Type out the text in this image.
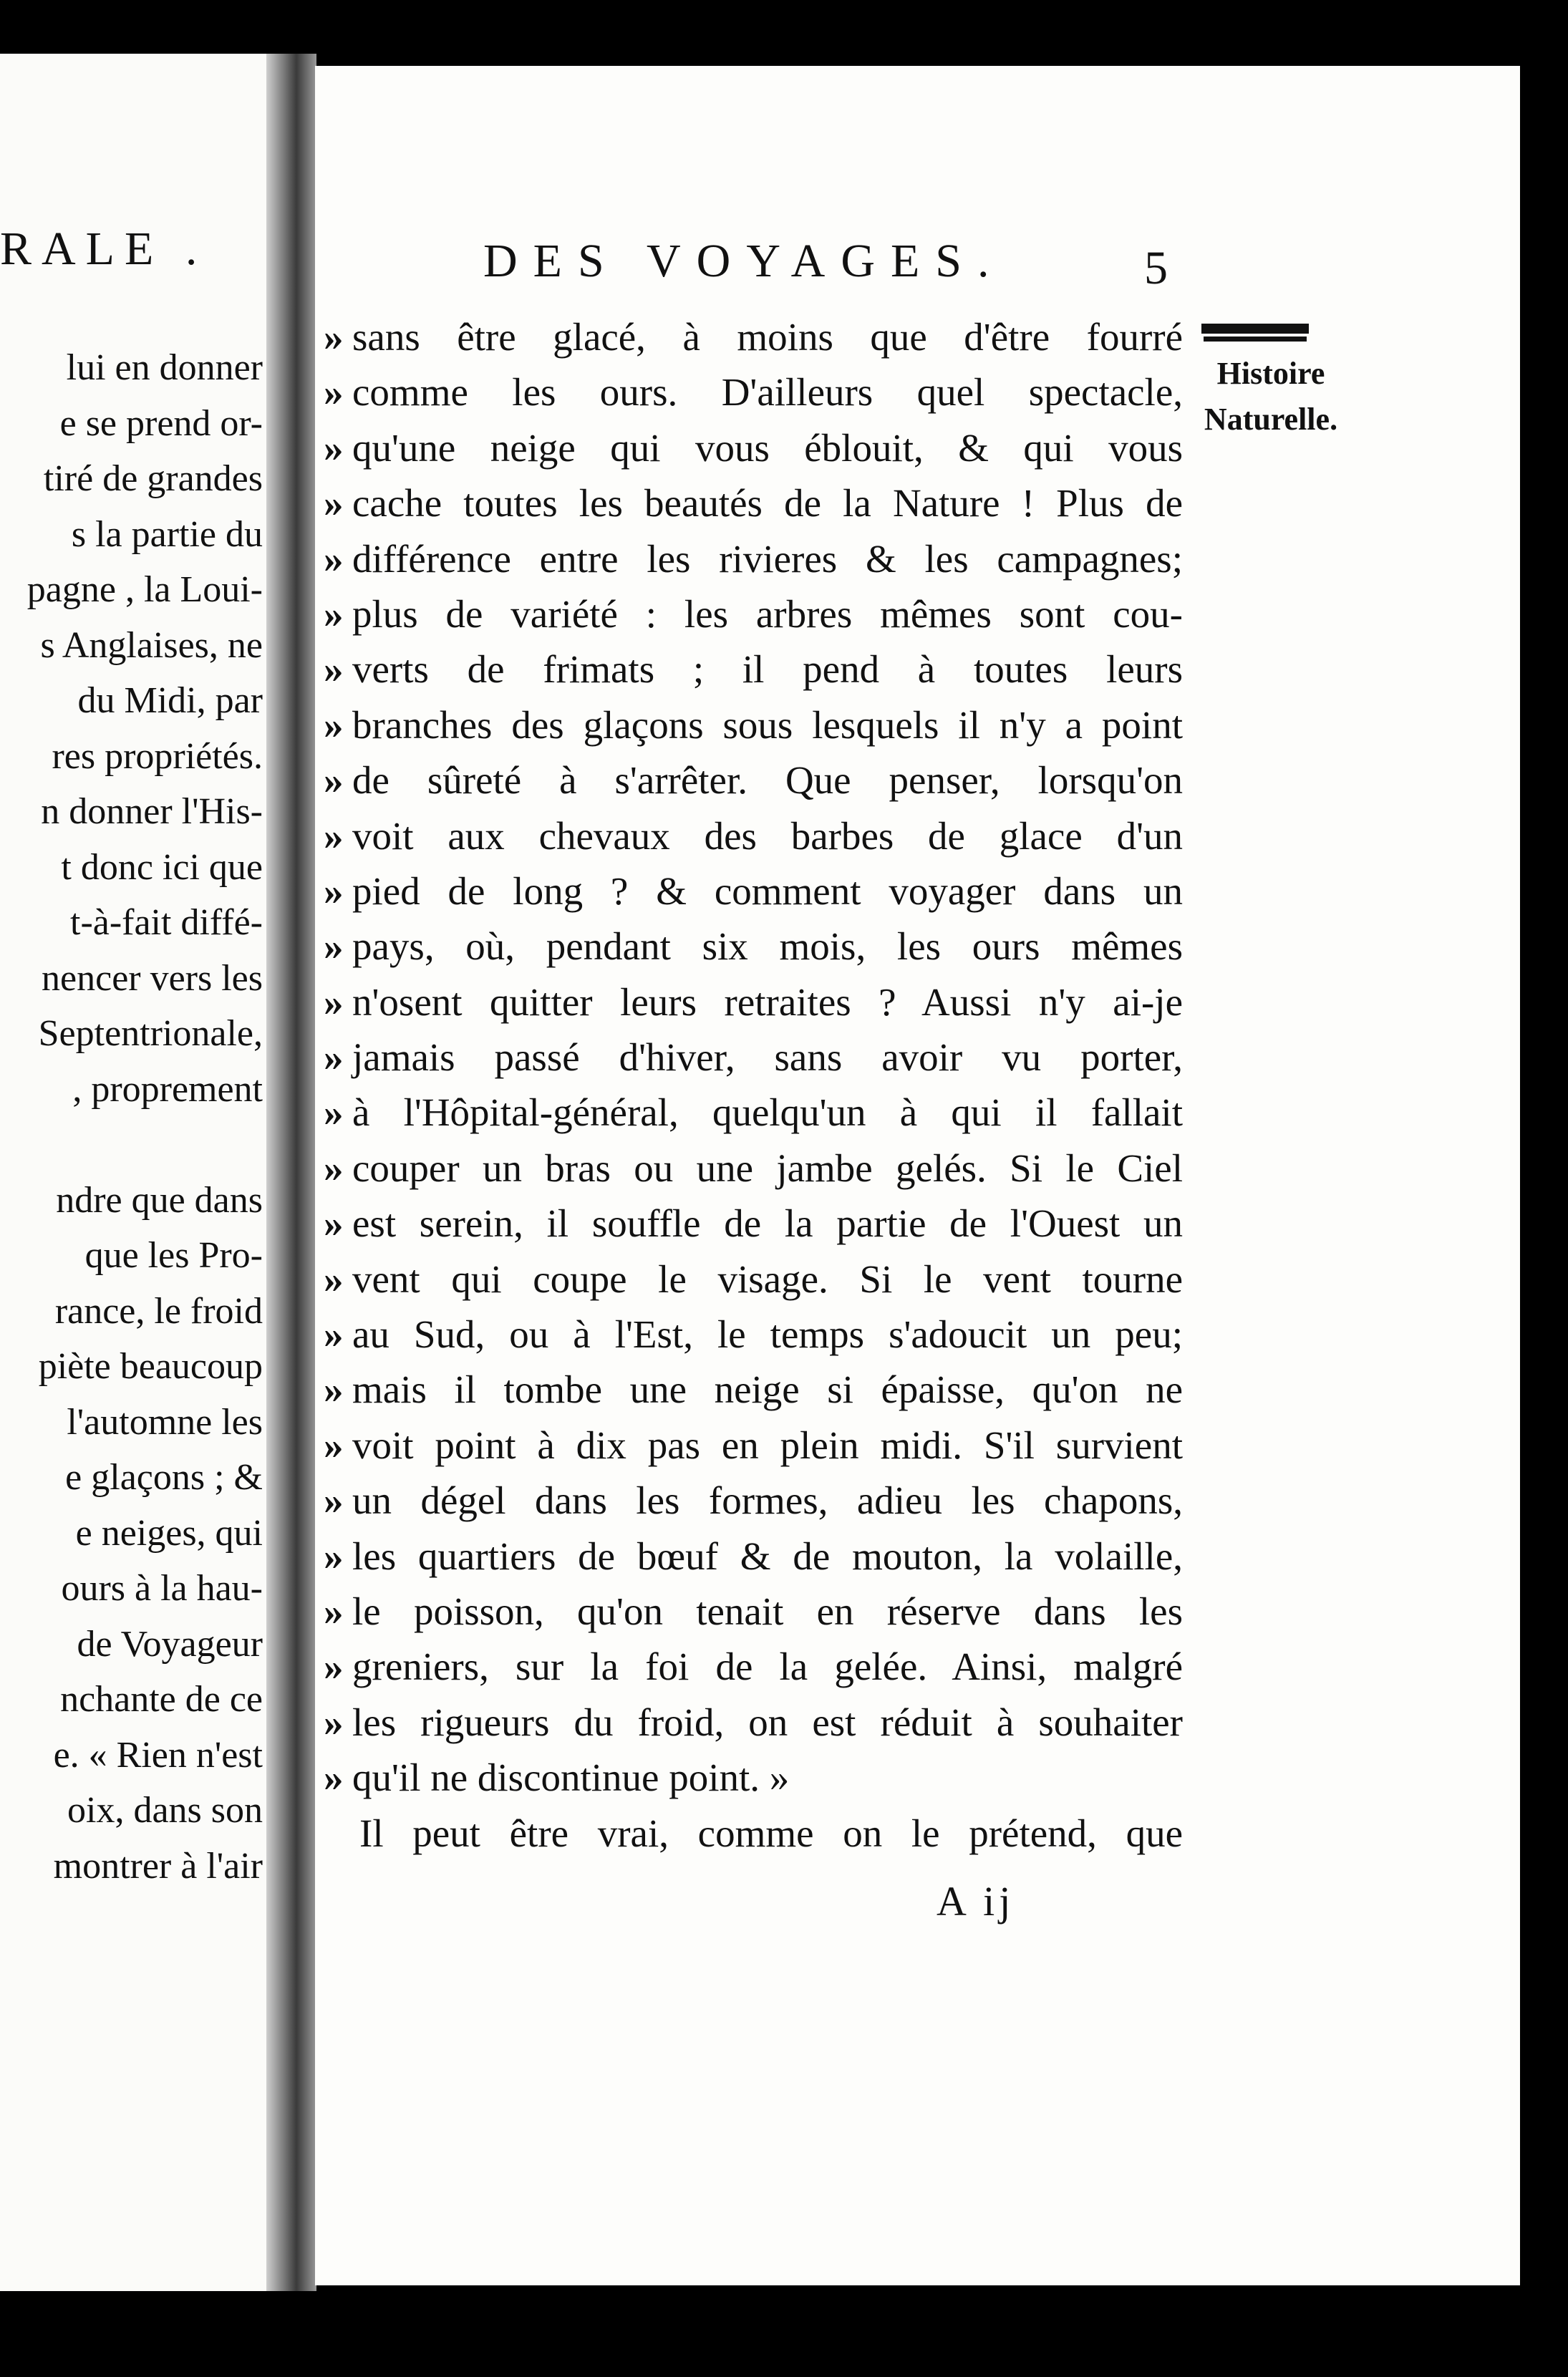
RALE .
lui en donner
e se prend or-
tiré de grandes
s la partie du
pagne , la Loui-
s Anglaises, ne
du Midi, par
res propriétés.
n donner l'His-
t donc ici que
t-à-fait diffé-
nencer vers les
Septentrionale,
, proprement
ndre que dans
que les Pro-
rance, le froid
piète beaucoup
l'automne les
e glaçons ; &
e neiges, qui
ours à la hau-
de Voyageur
nchante de ce
e. « Rien n'est
oix, dans son
montrer à l'air
DES VOYAGES.	5
Histoire
Naturelle.
» sans être glacé, à moins que d'être fourré
» comme les ours. D'ailleurs quel spectacle,
» qu'une neige qui vous éblouit, & qui vous
» cache toutes les beautés de la Nature ! Plus de
» différence entre les rivieres & les campagnes;
» plus de variété : les arbres mêmes sont cou-
» verts de frimats ; il pend à toutes leurs
» branches des glaçons sous lesquels il n'y a point
» de sûreté à s'arrêter. Que penser, lorsqu'on
» voit aux chevaux des barbes de glace d'un
» pied de long ? & comment voyager dans un
» pays, où, pendant six mois, les ours mêmes
» n'osent quitter leurs retraites ? Aussi n'y ai-je
» jamais passé d'hiver, sans avoir vu porter,
» à l'Hôpital-général, quelqu'un à qui il fallait
» couper un bras ou une jambe gelés. Si le Ciel
» est serein, il souffle de la partie de l'Ouest un
» vent qui coupe le visage. Si le vent tourne
» au Sud, ou à l'Est, le temps s'adoucit un peu;
» mais il tombe une neige si épaisse, qu'on ne
» voit point à dix pas en plein midi. S'il survient
» un dégel dans les formes, adieu les chapons,
» les quartiers de bœuf & de mouton, la volaille,
» le poisson, qu'on tenait en réserve dans les
» greniers, sur la foi de la gelée. Ainsi, malgré
» les rigueurs du froid, on est réduit à souhaiter
» qu'il ne discontinue point. »
Il peut être vrai, comme on le prétend, que
A ij
